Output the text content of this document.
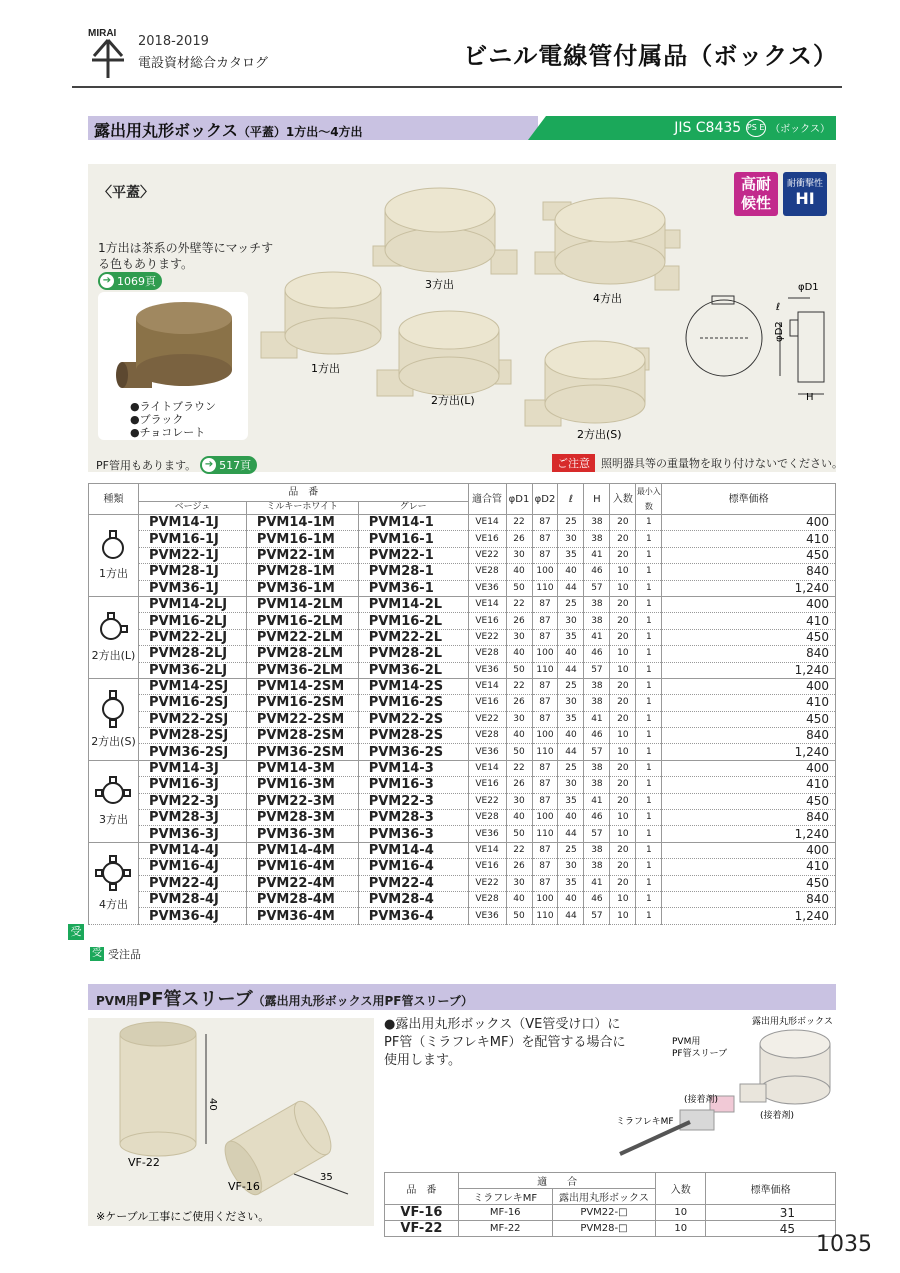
MIRAI
2018-2019
電設資材総合カタログ	ビニル電線管付属品（ボックス）
露出用丸形ボックス（平蓋）1方出〜4方出	JIS C8435 PS E （ボックス）
〈平蓋〉
1方出は茶系の外壁等にマッチする色もあります。
➔ 1069頁
●ライトブラウン
●ブラック
●チョコレート
PF管用もあります。 ➔ 517頁
高耐候性
耐衝撃性
HI
3方出
4方出
1方出
2方出(L)
2方出(S)
φD1
φD2
ℓ
H
ご注意	照明器具等の重量物を取り付けないでください。
種類	品　番			適合管	φD1	φD2	ℓ	H	入数	最小入数	標準価格
	ベージュ	ミルキーホワイト	グレー								

1方出	PVM14-1J	PVM14-1M	PVM14-1	VE14	22	87	25	38	20	1	400
	PVM16-1J	PVM16-1M	PVM16-1	VE16	26	87	30	38	20	1	410
	PVM22-1J	PVM22-1M	PVM22-1	VE22	30	87	35	41	20	1	450
	PVM28-1J	PVM28-1M	PVM28-1	VE28	40	100	40	46	10	1	840
	PVM36-1J	PVM36-1M	PVM36-1	VE36	50	110	44	57	10	1	1,240

2方出(L)	PVM14-2LJ	PVM14-2LM	PVM14-2L	VE14	22	87	25	38	20	1	400
	PVM16-2LJ	PVM16-2LM	PVM16-2L	VE16	26	87	30	38	20	1	410
	PVM22-2LJ	PVM22-2LM	PVM22-2L	VE22	30	87	35	41	20	1	450
	PVM28-2LJ	PVM28-2LM	PVM28-2L	VE28	40	100	40	46	10	1	840
	PVM36-2LJ	PVM36-2LM	PVM36-2L	VE36	50	110	44	57	10	1	1,240

2方出(S)	PVM14-2SJ	PVM14-2SM	PVM14-2S	VE14	22	87	25	38	20	1	400
	PVM16-2SJ	PVM16-2SM	PVM16-2S	VE16	26	87	30	38	20	1	410
	PVM22-2SJ	PVM22-2SM	PVM22-2S	VE22	30	87	35	41	20	1	450
	PVM28-2SJ	PVM28-2SM	PVM28-2S	VE28	40	100	40	46	10	1	840
	PVM36-2SJ	PVM36-2SM	PVM36-2S	VE36	50	110	44	57	10	1	1,240

3方出	PVM14-3J	PVM14-3M	PVM14-3	VE14	22	87	25	38	20	1	400
	PVM16-3J	PVM16-3M	PVM16-3	VE16	26	87	30	38	20	1	410
	PVM22-3J	PVM22-3M	PVM22-3	VE22	30	87	35	41	20	1	450
	PVM28-3J	PVM28-3M	PVM28-3	VE28	40	100	40	46	10	1	840
	PVM36-3J	PVM36-3M	PVM36-3	VE36	50	110	44	57	10	1	1,240

4方出	PVM14-4J	PVM14-4M	PVM14-4	VE14	22	87	25	38	20	1	400
	PVM16-4J	PVM16-4M	PVM16-4	VE16	26	87	30	38	20	1	410
	PVM22-4J	PVM22-4M	PVM22-4	VE22	30	87	35	41	20	1	450
	PVM28-4J	PVM28-4M	PVM28-4	VE28	40	100	40	46	10	1	840
	PVM36-4J	PVM36-4M	PVM36-4	VE36	50	110	44	57	10	1	1,240
受
受 受注品
PVM用PF管スリーブ（露出用丸形ボックス用PF管スリーブ）
40
35
VF-22
VF-16
※ケーブル工事にご使用ください。
●露出用丸形ボックス（VE管受け口）にPF管（ミラフレキMF）を配管する場合に使用します。
露出用丸形ボックス
PVM用
PF管スリーブ
(接着剤)
(接着剤)
ミラフレキMF
品　番	適　　合		入数	標準価格
	ミラフレキMF	露出用丸形ボックス		
VF-16	MF-16	PVM22-□	10	31
VF-22	MF-22	PVM28-□	10	45
1035
